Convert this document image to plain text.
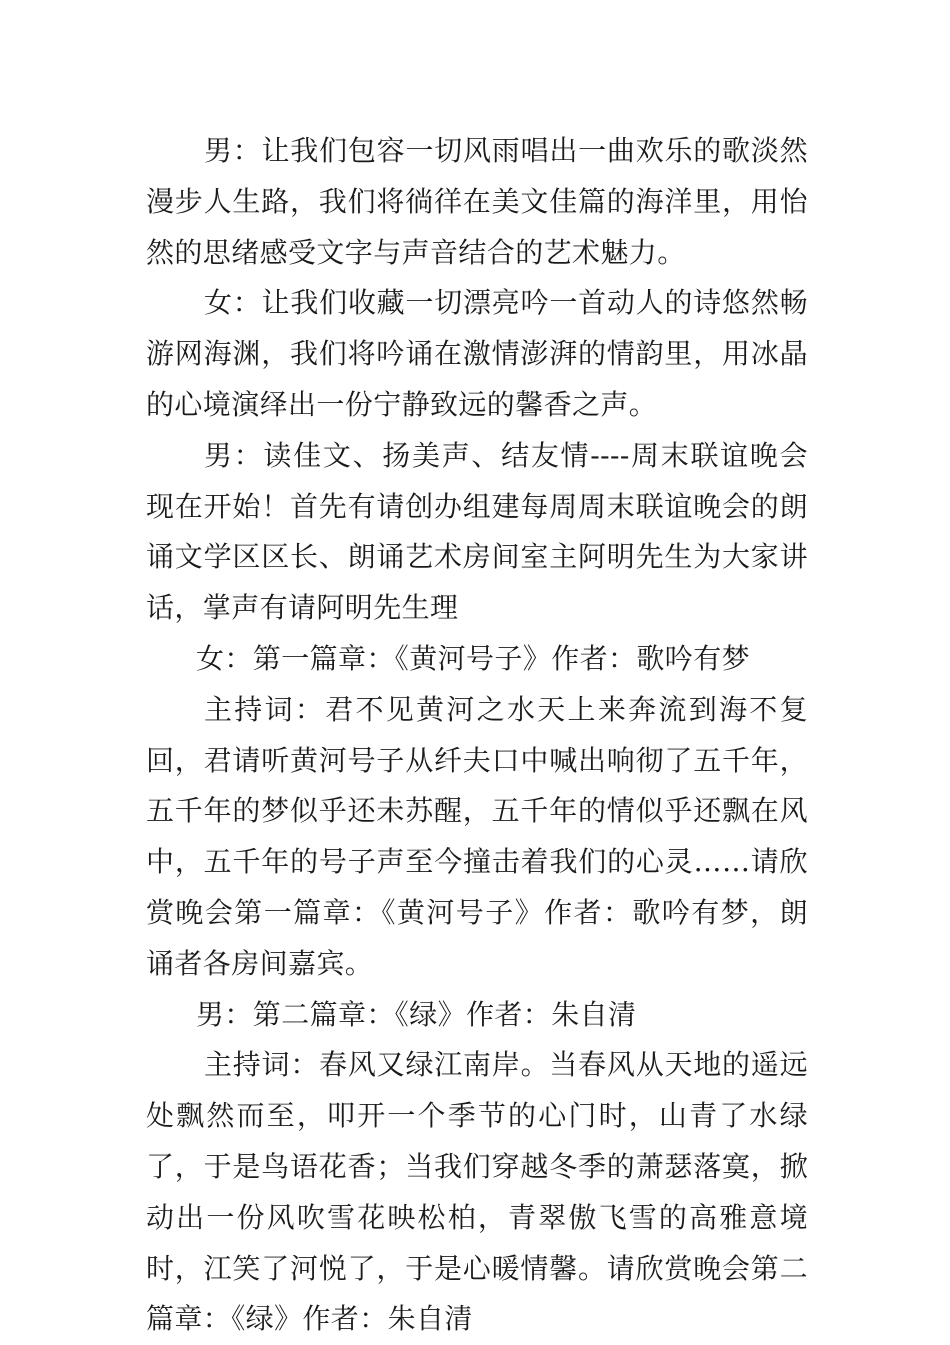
男：让我们包容一切风雨唱出一曲欢乐的歌淡然漫步人生路，我们将徜徉在美文佳篇的海洋里，用怡然的思绪感受文字与声音结合的艺术魅力。

女：让我们收藏一切漂亮吟一首动人的诗悠然畅游网海渊，我们将吟诵在激情澎湃的情韵里，用冰晶的心境演绎出一份宁静致远的馨香之声。

男：读佳文、扬美声、结友情----周末联谊晚会现在开始！首先有请创办组建每周周末联谊晚会的朗诵文学区区长、朗诵艺术房间室主阿明先生为大家讲话，掌声有请阿明先生理

女：第一篇章：《黄河号子》作者：歌吟有梦

主持词：君不见黄河之水天上来奔流到海不复回，君请听黄河号子从纤夫口中喊出响彻了五千年，五千年的梦似乎还未苏醒，五千年的情似乎还飘在风中，五千年的号子声至今撞击着我们的心灵……请欣赏晚会第一篇章：《黄河号子》作者：歌吟有梦，朗诵者各房间嘉宾。

男：第二篇章：《绿》作者：朱自清

主持词：春风又绿江南岸。当春风从天地的遥远处飘然而至，叩开一个季节的心门时，山青了水绿了，于是鸟语花香；当我们穿越冬季的萧瑟落寞，掀动出一份风吹雪花映松柏，青翠傲飞雪的高雅意境时，江笑了河悦了，于是心暖情馨。请欣赏晚会第二篇章：《绿》作者：朱自清
